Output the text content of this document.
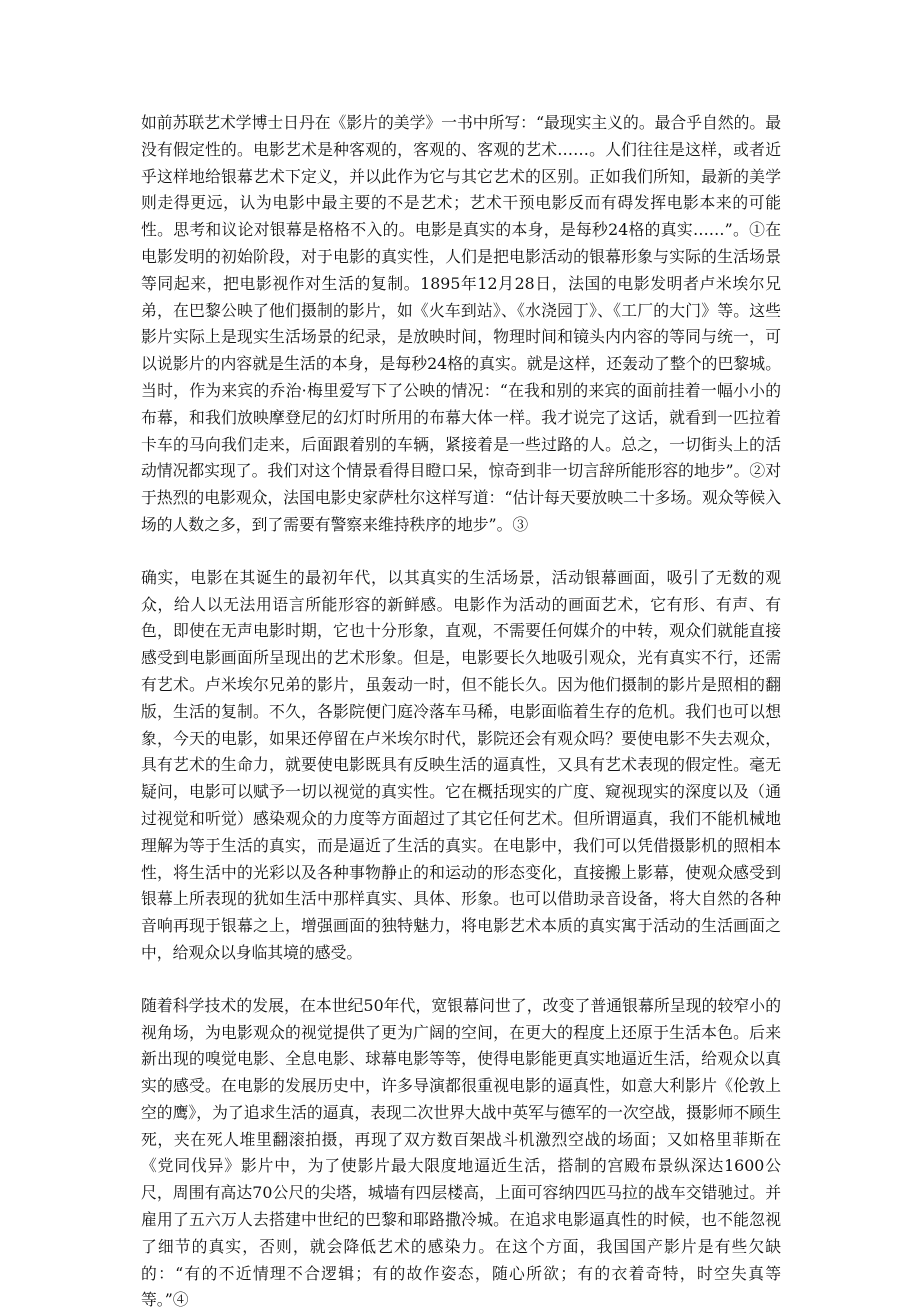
如前苏联艺术学博士日丹在《影片的美学》一书中所写：“最现实主义的。最合乎自然的。最没有假定性的。电影艺术是种客观的，客观的、客观的艺术……。人们往往是这样，或者近乎这样地给银幕艺术下定义，并以此作为它与其它艺术的区别。正如我们所知，最新的美学则走得更远，认为电影中最主要的不是艺术；艺术干预电影反而有碍发挥电影本来的可能性。思考和议论对银幕是格格不入的。电影是真实的本身，是每秒24格的真实……”。①在电影发明的初始阶段，对于电影的真实性，人们是把电影活动的银幕形象与实际的生活场景等同起来，把电影视作对生活的复制。1895年12月28日，法国的电影发明者卢米埃尔兄弟，在巴黎公映了他们摄制的影片，如《火车到站》、《水浇园丁》、《工厂的大门》等。这些影片实际上是现实生活场景的纪录，是放映时间，物理时间和镜头内内容的等同与统一，可以说影片的内容就是生活的本身，是每秒24格的真实。就是这样，还轰动了整个的巴黎城。当时，作为来宾的乔治·梅里爱写下了公映的情况：“在我和别的来宾的面前挂着一幅小小的布幕，和我们放映摩登尼的幻灯时所用的布幕大体一样。我才说完了这话，就看到一匹拉着卡车的马向我们走来，后面跟着别的车辆，紧接着是一些过路的人。总之，一切街头上的活动情况都实现了。我们对这个情景看得目瞪口呆，惊奇到非一切言辞所能形容的地步”。②对于热烈的电影观众，法国电影史家萨杜尔这样写道：“估计每天要放映二十多场。观众等候入场的人数之多，到了需要有警察来维持秩序的地步”。③

确实，电影在其诞生的最初年代，以其真实的生活场景，活动银幕画面，吸引了无数的观众，给人以无法用语言所能形容的新鲜感。电影作为活动的画面艺术，它有形、有声、有色，即使在无声电影时期，它也十分形象，直观，不需要任何媒介的中转，观众们就能直接感受到电影画面所呈现出的艺术形象。但是，电影要长久地吸引观众，光有真实不行，还需有艺术。卢米埃尔兄弟的影片，虽轰动一时，但不能长久。因为他们摄制的影片是照相的翻版，生活的复制。不久，各影院便门庭冷落车马稀，电影面临着生存的危机。我们也可以想象，今天的电影，如果还停留在卢米埃尔时代，影院还会有观众吗？要使电影不失去观众，具有艺术的生命力，就要使电影既具有反映生活的逼真性，又具有艺术表现的假定性。毫无疑问，电影可以赋予一切以视觉的真实性。它在概括现实的广度、窥视现实的深度以及（通过视觉和听觉）感染观众的力度等方面超过了其它任何艺术。但所谓逼真，我们不能机械地理解为等于生活的真实，而是逼近了生活的真实。在电影中，我们可以凭借摄影机的照相本性，将生活中的光彩以及各种事物静止的和运动的形态变化，直接搬上影幕，使观众感受到银幕上所表现的犹如生活中那样真实、具体、形象。也可以借助录音设备，将大自然的各种音响再现于银幕之上，增强画面的独特魅力，将电影艺术本质的真实寓于活动的生活画面之中，给观众以身临其境的感受。

随着科学技术的发展，在本世纪50年代，宽银幕问世了，改变了普通银幕所呈现的较窄小的视角场，为电影观众的视觉提供了更为广阔的空间，在更大的程度上还原于生活本色。后来新出现的嗅觉电影、全息电影、球幕电影等等，使得电影能更真实地逼近生活，给观众以真实的感受。在电影的发展历史中，许多导演都很重视电影的逼真性，如意大利影片《伦敦上空的鹰》，为了追求生活的逼真，表现二次世界大战中英军与德军的一次空战，摄影师不顾生死，夹在死人堆里翻滚拍摄，再现了双方数百架战斗机激烈空战的场面；又如格里菲斯在《党同伐异》影片中，为了使影片最大限度地逼近生活，搭制的宫殿布景纵深达1600公尺，周围有高达70公尺的尖塔，城墙有四层楼高，上面可容纳四匹马拉的战车交错驰过。并雇用了五六万人去搭建中世纪的巴黎和耶路撒冷城。在追求电影逼真性的时候，也不能忽视了细节的真实，否则，就会降低艺术的感染力。在这个方面，我国国产影片是有些欠缺的：“有的不近情理不合逻辑；有的故作姿态，随心所欲；有的衣着奇特，时空失真等等。”④
